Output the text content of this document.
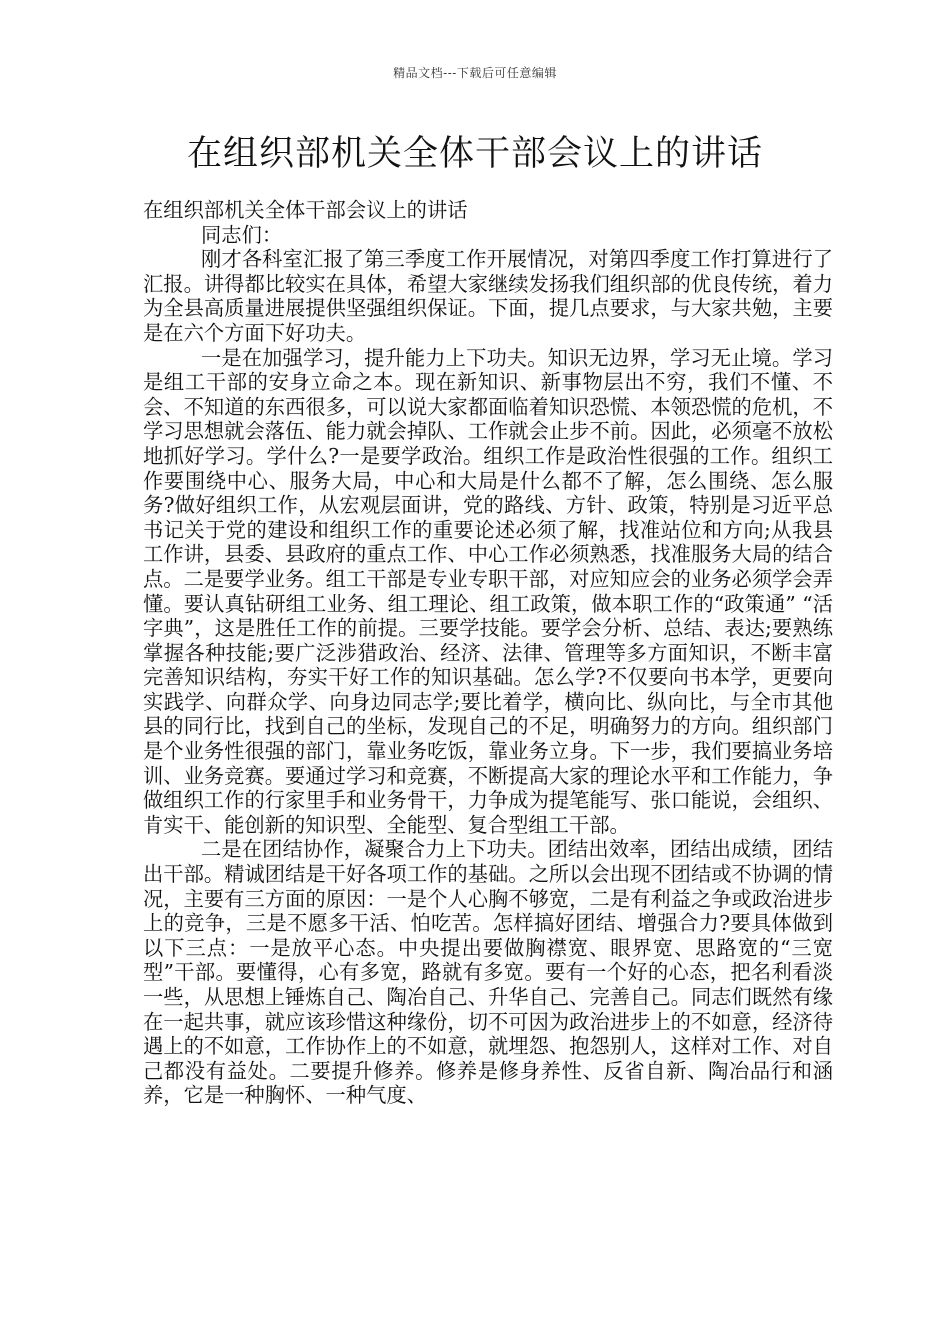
精品文档---下载后可任意编辑
在组织部机关全体干部会议上的讲话

在组织部机关全体干部会议上的讲话

同志们：

刚才各科室汇报了第三季度工作开展情况，对第四季度工作打算进行了汇报。讲得都比较实在具体，希望大家继续发扬我们组织部的优良传统，着力为全县高质量进展提供坚强组织保证。下面，提几点要求，与大家共勉，主要是在六个方面下好功夫。

一是在加强学习，提升能力上下功夫。知识无边界，学习无止境。学习是组工干部的安身立命之本。现在新知识、新事物层出不穷，我们不懂、不会、不知道的东西很多，可以说大家都面临着知识恐慌、本领恐慌的危机，不学习思想就会落伍、能力就会掉队、工作就会止步不前。因此，必须毫不放松地抓好学习。学什么?一是要学政治。组织工作是政治性很强的工作。组织工作要围绕中心、服务大局，中心和大局是什么都不了解，怎么围绕、怎么服务?做好组织工作，从宏观层面讲，党的路线、方针、政策，特别是习近平总书记关于党的建设和组织工作的重要论述必须了解，找准站位和方向;从我县工作讲，县委、县政府的重点工作、中心工作必须熟悉，找准服务大局的结合点。二是要学业务。组工干部是专业专职干部，对应知应会的业务必须学会弄懂。要认真钻研组工业务、组工理论、组工政策，做本职工作的“政策通” “活字典”，这是胜任工作的前提。三要学技能。要学会分析、总结、表达;要熟练掌握各种技能;要广泛涉猎政治、经济、法律、管理等多方面知识，不断丰富完善知识结构，夯实干好工作的知识基础。怎么学?不仅要向书本学，更要向实践学、向群众学、向身边同志学;要比着学，横向比、纵向比，与全市其他县的同行比，找到自己的坐标，发现自己的不足，明确努力的方向。组织部门是个业务性很强的部门，靠业务吃饭，靠业务立身。下一步，我们要搞业务培训、业务竞赛。要通过学习和竞赛，不断提高大家的理论水平和工作能力，争做组织工作的行家里手和业务骨干，力争成为提笔能写、张口能说，会组织、肯实干、能创新的知识型、全能型、复合型组工干部。

二是在团结协作，凝聚合力上下功夫。团结出效率，团结出成绩，团结出干部。精诚团结是干好各项工作的基础。之所以会出现不团结或不协调的情况，主要有三方面的原因：一是个人心胸不够宽，二是有利益之争或政治进步上的竞争，三是不愿多干活、怕吃苦。怎样搞好团结、增强合力?要具体做到以下三点：一是放平心态。中央提出要做胸襟宽、眼界宽、思路宽的“三宽型”干部。要懂得，心有多宽，路就有多宽。要有一个好的心态，把名利看淡一些，从思想上锤炼自己、陶冶自己、升华自己、完善自己。同志们既然有缘在一起共事，就应该珍惜这种缘份，切不可因为政治进步上的不如意，经济待遇上的不如意，工作协作上的不如意，就埋怨、抱怨别人，这样对工作、对自己都没有益处。二要提升修养。修养是修身养性、反省自新、陶冶品行和涵养，它是一种胸怀、一种气度、
